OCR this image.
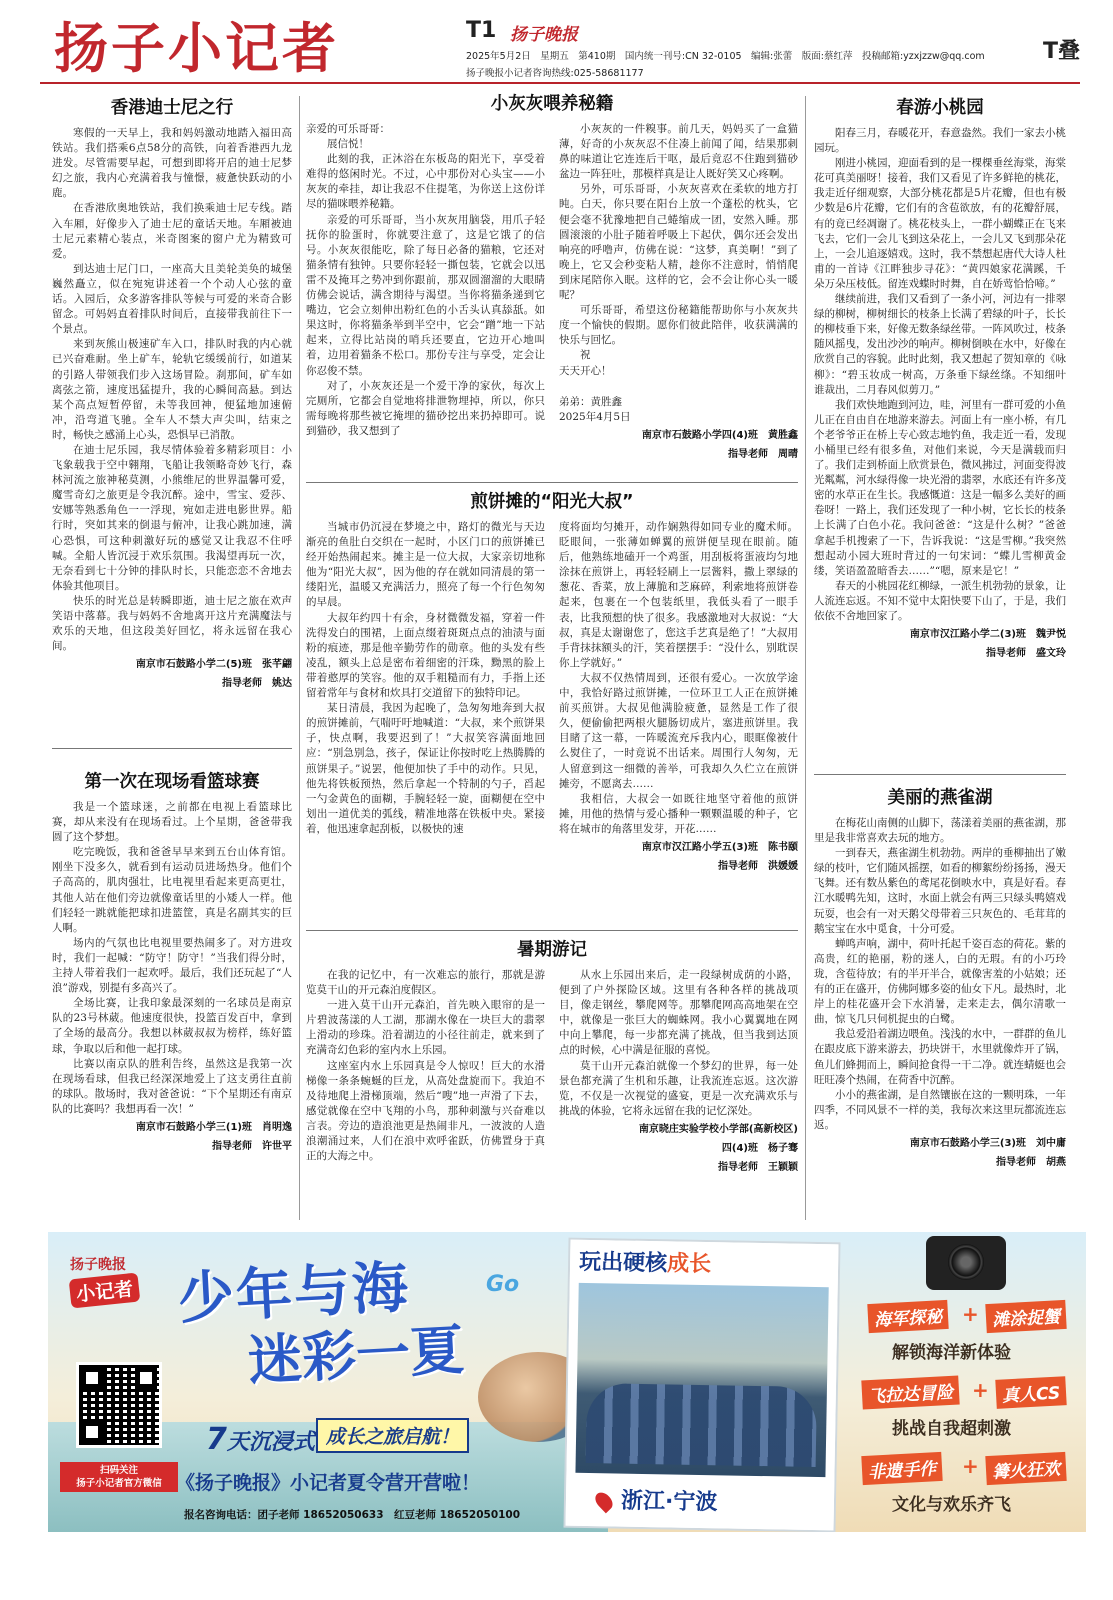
扬子小记者	T1 扬子晚报
2025年5月2日　星期五　第410期　国内统一刊号:CN 32-0105　编辑:张蕾　版面:蔡红萍　投稿邮箱:yzxjzzw@qq.com
扬子晚报小记者咨询热线:025-58681177
T叠
香港迪士尼之行

寒假的一天早上，我和妈妈激动地踏入福田高铁站。我们搭乘6点58分的高铁，向着香港西九龙进发。尽管需要早起，可想到即将开启的迪士尼梦幻之旅，我内心充满着我与憧憬，疲惫快跃动的小鹿。

在香港欣奥地铁站，我们换乘迪士尼专线。踏入车厢，好像步入了迪士尼的童话天地。车厢被迪士尼元素精心装点，米奇图案的窗户尤为精致可爱。

到达迪士尼门口，一座高大且美轮美奂的城堡巍然矗立，似在宛宛讲述着一个个动人心弦的童话。入园后，众多游客排队等候与可爱的米奇合影留念。可妈妈直着排队时间后，直接带我前往下一个景点。

来到灰熊山极速矿车入口，排队时我的内心就已兴奋难耐。坐上矿车，轮轨它缓缓前行，如道某的引路人带领我们步入这场冒险。刹那间，矿车如离弦之箭，速度迅猛提升，我的心瞬间高悬。到达某个高点短暂停留，未等我回神，便猛地加速俯冲，沿弯道飞驰。全车人不禁大声尖叫，结束之时，畅快之感涌上心头，恐惧早已消散。

在迪士尼乐园，我尽情体验着多精彩项目：小飞象载我于空中翱翔，飞船让我领略奇妙飞行，森林河流之旅神秘莫测，小熊维尼的世界温馨可爱，魔雪奇幻之旅更是令我沉醉。途中，雪宝、爱莎、安娜等熟悉角色一一浮现，宛如走进电影世界。船行时，突如其来的倒退与俯冲，让我心跳加速，满心恐惧，可这种刺激好玩的感觉又让我忍不住呼喊。全船人皆沉浸于欢乐氛围。我渴望再玩一次，无奈看到七十分钟的排队时长，只能恋恋不舍地去体验其他项目。

快乐的时光总是转瞬即逝，迪士尼之旅在欢声笑语中落幕。我与妈妈不舍地离开这片充满魔法与欢乐的天地，但这段美好回忆，将永远留在我心间。

南京市石鼓路小学二(5)班　张芊翩
指导老师　姚达
第一次在现场看篮球赛

我是一个篮球迷，之前都在电视上看篮球比赛，却从来没有在现场看过。上个星期，爸爸带我圆了这个梦想。

吃完晚饭，我和爸爸早早来到五台山体育馆。刚坐下没多久，就看到有运动员进场热身。他们个子高高的，肌肉强壮，比电视里看起来更高更壮，其他人站在他们旁边就像童话里的小矮人一样。他们轻轻一跳就能把球扣进篮筐，真是名副其实的巨人啊。

场内的气氛也比电视里要热闹多了。对方进攻时，我们一起喊：“防守！防守！”当我们得分时，主持人带着我们一起欢呼。最后，我们还玩起了“人浪”游戏，别提有多高兴了。

全场比赛，让我印象最深刻的一名球员是南京队的23号林葳。他速度很快，投篮百发百中，拿到了全场的最高分。我想以林葳叔叔为榜样，练好篮球，争取以后和他一起打球。

比赛以南京队的胜利告终，虽然这是我第一次在现场看球，但我已经深深地爱上了这支勇往直前的球队。散场时，我对爸爸说：“下个星期还有南京队的比赛吗？我想再看一次！”

南京市石鼓路小学三(1)班　肖明逸
指导老师　许世平
小灰灰喂养秘籍

亲爱的可乐哥哥：

展信悦！

此刻的我，正沐浴在东板岛的阳光下，享受着难得的悠闲时光。不过，心中那份对心头宝——小灰灰的牵挂，却让我忍不住提笔，为你送上这份详尽的猫咪喂养秘籍。

亲爱的可乐哥哥，当小灰灰用脑袋，用爪子轻抚你的脸蛋时，你就要注意了，这是它饿了的信号。小灰灰很能吃，除了每日必备的猫粮，它还对猫条情有独钟。只要你轻轻一撕包装，它就会以迅雷不及掩耳之势冲到你跟前，那双圆溜溜的大眼睛仿佛会说话，满含期待与渴望。当你将猫条递到它嘴边，它会立刻伸出粉红色的小舌头认真舔舐。如果这时，你将猫条举到半空中，它会“蹭”地一下站起来，立得比站岗的哨兵还要直，它边开心地叫着，边用着猫条不松口。那份专注与享受，定会让你忍俊不禁。

对了，小灰灰还是一个爱干净的家伙，每次上完厕所，它都会自觉地将排泄物埋掉，所以，你只需每晚将那些被它掩埋的猫砂挖出来扔掉即可。说到猫砂，我又想到了

小灰灰的一件糗事。前几天，妈妈买了一盒猫薄，好奇的小灰灰忍不住凑上前闻了闻，结果那刺鼻的味道让它连连后干呕，最后竟忍不住跑到猫砂盆边一阵狂吐，那模样真是让人既好笑又心疼啊。

另外，可乐哥哥，小灰灰喜欢在柔软的地方打盹。白天，你只要在阳台上放一个蓬松的枕头，它便会毫不犹豫地把自己蜷缩成一团，安然入睡。那圆滚滚的小肚子随着呼吸上下起伏，偶尔还会发出响亮的呼噜声，仿佛在说：“这梦，真美啊！”到了晚上，它又会秒变粘人精，趁你不注意时，悄悄爬到床尾陪你入眠。这样的它，会不会让你心头一暖呢？

可乐哥哥，希望这份秘籍能帮助你与小灰灰共度一个愉快的假期。愿你们彼此陪伴，收获满满的快乐与回忆。

祝

天天开心！

弟弟：黄胜鑫

2025年4月5日

南京市石鼓路小学四(4)班　黄胜鑫
指导老师　周晴
煎饼摊的“阳光大叔”

当城市仍沉浸在梦境之中，路灯的微光与天边渐亮的鱼肚白交织在一起时，小区门口的煎饼摊已经开始热闹起来。摊主是一位大叔，大家亲切地称他为“阳光大叔”，因为他的存在就如同清晨的第一缕阳光，温暖又充满活力，照亮了每一个行色匆匆的早晨。

大叔年约四十有余，身材微微发福，穿着一件洗得发白的围裙，上面点缀着斑斑点点的油渍与面粉的痕迹，那是他辛勤劳作的勋章。他的头发有些凌乱，额头上总是密布着细密的汗珠，黝黑的脸上带着憨厚的笑容。他的双手粗糙而有力，手指上还留着常年与食材和炊具打交道留下的独特印记。

某日清晨，我因为起晚了，急匆匆地奔到大叔的煎饼摊前，气喘吁吁地喊道：“大叔，来个煎饼果子，快点啊，我要迟到了！”大叔笑容满面地回应：“别急别急，孩子，保证让你按时吃上热腾腾的煎饼果子。”说罢，他便加快了手中的动作。只见，他先将铁板预热，然后拿起一个特制的勺子，舀起一勺金黄色的面糊，手腕轻轻一旋，面糊便在空中划出一道优美的弧线，精准地落在铁板中央。紧接着，他迅速拿起刮板，以极快的速

度将面均匀摊开，动作娴熟得如同专业的魔术师。眨眼间，一张薄如蝉翼的煎饼便呈现在眼前。随后，他熟练地磕开一个鸡蛋，用刮板将蛋液均匀地涂抹在煎饼上，再轻轻刷上一层酱料，撒上翠绿的葱花、香菜，放上薄脆和芝麻碎，利索地将煎饼卷起来，包裹在一个包装纸里，我低头看了一眼手表，比我预想的快了很多。我感激地对大叔说：“大叔，真是太谢谢您了，您这手艺真是绝了！”大叔用手背抹抹额头的汗，笑着摆摆手：“没什么，别耽误你上学就好。”

大叔不仅热情周到，还很有爱心。一次放学途中，我恰好路过煎饼摊，一位环卫工人正在煎饼摊前买煎饼。大叔见他满脸疲惫，显然是工作了很久，便偷偷把两根火腿肠切成片，塞进煎饼里。我目睹了这一幕，一阵暖流充斥我内心，眼眶像被什么熨住了，一时竟说不出话来。周围行人匆匆，无人留意到这一细微的善举，可我却久久伫立在煎饼摊旁，不愿离去……

我相信，大叔会一如既往地坚守着他的煎饼摊，用他的热情与爱心播种一颗颗温暖的种子，它将在城市的角落里发芽，开花……

南京市汉江路小学五(3)班　陈书颐
指导老师　洪媛媛
暑期游记

在我的记忆中，有一次难忘的旅行，那就是游览莫干山的开元森泊度假区。

一进入莫干山开元森泊，首先映入眼帘的是一片碧波荡漾的人工湖，那湖水像在一块巨大的翡翠上滑动的珍珠。沿着湖边的小径往前走，就来到了充满奇幻色彩的室内水上乐园。

这座室内水上乐园真是令人惊叹！巨大的水滑梯像一条条蜿蜒的巨龙，从高处盘旋而下。我迫不及待地爬上滑梯顶端，然后“嗖”地一声滑了下去，感觉就像在空中飞翔的小鸟，那种刺激与兴奋难以言表。旁边的造浪池更是热闹非凡，一波波的人造浪潮涌过来，人们在浪中欢呼雀跃，仿佛置身于真正的大海之中。

从水上乐园出来后，走一段绿树成荫的小路，便到了户外探险区域。这里有各种各样的挑战项目，像走钢丝，攀爬网等。那攀爬网高高地架在空中，就像是一张巨大的蜘蛛网。我小心翼翼地在网中向上攀爬，每一步都充满了挑战，但当我到达顶点的时候，心中满是征服的喜悦。

莫干山开元森泊就像一个梦幻的世界，每一处景色都充满了生机和乐趣，让我流连忘返。这次游览，不仅是一次视觉的盛宴，更是一次充满欢乐与挑战的体验，它将永远留在我的记忆深处。

南京晓庄实验学校小学部(高新校区)
四(4)班　杨子骞
指导老师　王颖颖
春游小桃园

阳春三月，春暖花开，春意盎然。我们一家去小桃园玩。

刚进小桃园，迎面看到的是一棵棵垂丝海棠，海棠花可真美丽呀！接着，我们又看见了许多鲜艳的桃花，我走近仔细观察，大部分桃花都是5片花瓣，但也有极少数是6片花瓣，它们有的含苞欲放，有的花瓣舒展，有的竟已经凋谢了。桃花枝头上，一群小蝴蝶正在飞来飞去，它们一会儿飞到这朵花上，一会儿又飞到那朵花上，一会儿追逐嬉戏。这时，我不禁想起唐代大诗人杜甫的一首诗《江畔独步寻花》：“黄四娘家花满蹊，千朵万朵压枝低。留连戏蝶时时舞，自在娇莺恰恰啼。”

继续前进，我们又看到了一条小河，河边有一排翠绿的柳树，柳树细长的枝条上长满了碧绿的叶子，长长的柳枝垂下来，好像无数条绿丝带。一阵风吹过，枝条随风摇曳，发出沙沙的响声。柳树倒映在水中，好像在欣赏自己的容貌。此时此刻，我又想起了贺知章的《咏柳》：“碧玉妆成一树高，万条垂下绿丝绦。不知细叶谁裁出，二月春风似剪刀。”

我们欢快地跑到河边，哇，河里有一群可爱的小鱼儿正在自由自在地游来游去。河面上有一座小桥，有几个老爷爷正在桥上专心致志地钓鱼，我走近一看，发现小桶里已经有很多鱼，对他们来说，今天是满载而归了。我们走到桥面上欣赏景色，微风拂过，河面变得波光粼粼，河水绿得像一块光滑的翡翠，水底还有许多茂密的水草正在生长。我感慨道：这是一幅多么美好的画卷呀！一路上，我们还发现了一种小树，它长长的枝条上长满了白色小花。我问爸爸：“这是什么树？”爸爸拿起手机搜索了一下，告诉我说：“这是雪柳。”我突然想起动小园大班时背过的一句宋词：“蝶儿雪柳黄金缕，笑语盈盈暗香去……”“嗯，原来是它！”

春天的小桃园花红柳绿，一派生机勃勃的景象，让人流连忘返。不知不觉中太阳快要下山了，于是，我们依依不舍地回家了。

南京市汉江路小学二(3)班　魏尹悦
指导老师　盛文玲
美丽的燕雀湖

在梅花山南侧的山脚下，荡漾着美丽的燕雀湖，那里是我非常喜欢去玩的地方。

一到春天，燕雀湖生机勃勃。两岸的垂柳抽出了嫩绿的枝叶，它们随风摇摆，如看的柳絮纷纷扬扬，漫天飞舞。还有数丛紫色的鸢尾花倒映水中，真是好看。春江水暖鸭先知，这时，水面上就会有两三只绿头鸭嬉戏玩耍，也会有一对天鹅父母带着三只灰色的、毛茸茸的鹅宝宝在水中觅食，十分可爱。

蝉鸣声响，湖中，荷叶托起千姿百态的荷花。紫的高贵，红的艳丽，粉的迷人，白的无瑕。有的小巧玲珑，含苞待放；有的半开半合，就像害羞的小姑娘；还有的正在盛开，仿佛阿娜多姿的仙女下凡。最热时，北岸上的桂花盛开会下水消暑，走来走去，偶尔清歌一曲，惊飞几只伺机捉虫的白鹭。

我总爱沿着湖边喂鱼。浅浅的水中，一群群的鱼儿在跟皮底下游来游去，扔块饼干，水里就像炸开了锅，鱼儿们蜂拥而上，瞬间抢食得一干二净。就连蜻蜓也会旺旺凑个热闹，在荷香中沉醉。

小小的燕雀湖，是自然镶嵌在这的一颗明珠，一年四季，不同风景不一样的美，我每次来这里玩都流连忘返。

南京市石鼓路小学三(3)班　刘中庸
指导老师　胡燕
扬子晚报
小记者
扫码关注
扬子小记者官方微信
少年与海	Go
迷彩一夏
7天沉浸式 成长之旅启航！
《扬子晚报》小记者夏令营开营啦！
报名咨询电话：团子老师 18652050633　红豆老师 18652050100
玩出硬核成长
浙江·宁波
海军探秘 + 滩涂捉蟹
解锁海洋新体验
飞拉达冒险 + 真人CS
挑战自我超刺激
非遗手作	+ 篝火狂欢
文化与欢乐齐飞
